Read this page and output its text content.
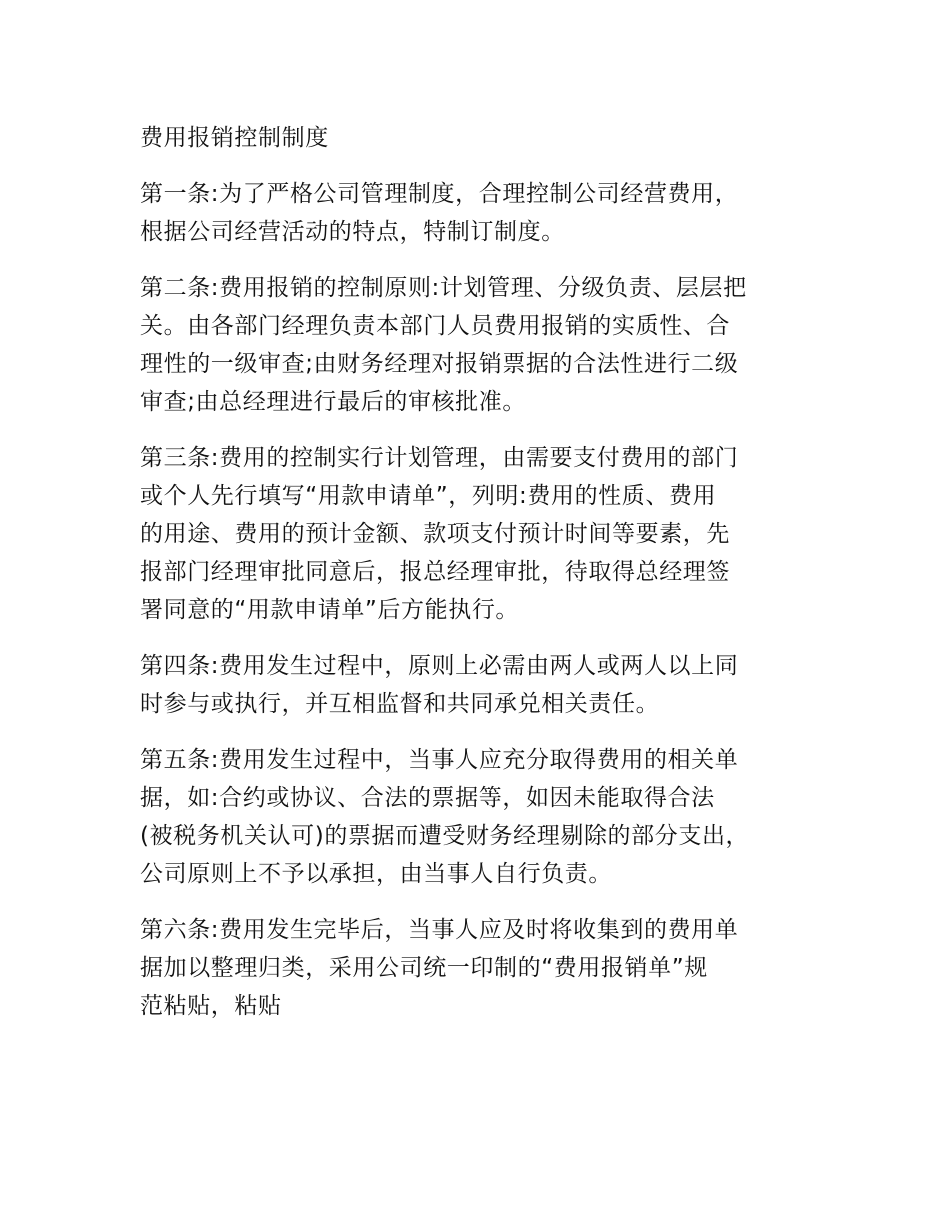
费用报销控制制度
第一条:为了严格公司管理制度，合理控制公司经营费用，
根据公司经营活动的特点，特制订制度。
第二条:费用报销的控制原则:计划管理、分级负责、层层把
关。由各部门经理负责本部门人员费用报销的实质性、合
理性的一级审查;由财务经理对报销票据的合法性进行二级
审查;由总经理进行最后的审核批准。
第三条:费用的控制实行计划管理，由需要支付费用的部门
或个人先行填写“用款申请单”，列明:费用的性质、费用
的用途、费用的预计金额、款项支付预计时间等要素，先
报部门经理审批同意后，报总经理审批，待取得总经理签
署同意的“用款申请单”后方能执行。
第四条:费用发生过程中，原则上必需由两人或两人以上同
时参与或执行，并互相监督和共同承兑相关责任。
第五条:费用发生过程中，当事人应充分取得费用的相关单
据，如:合约或协议、合法的票据等，如因未能取得合法
(被税务机关认可)的票据而遭受财务经理剔除的部分支出，
公司原则上不予以承担，由当事人自行负责。
第六条:费用发生完毕后，当事人应及时将收集到的费用单
据加以整理归类，采用公司统一印制的“费用报销单”规
范粘贴，粘贴
